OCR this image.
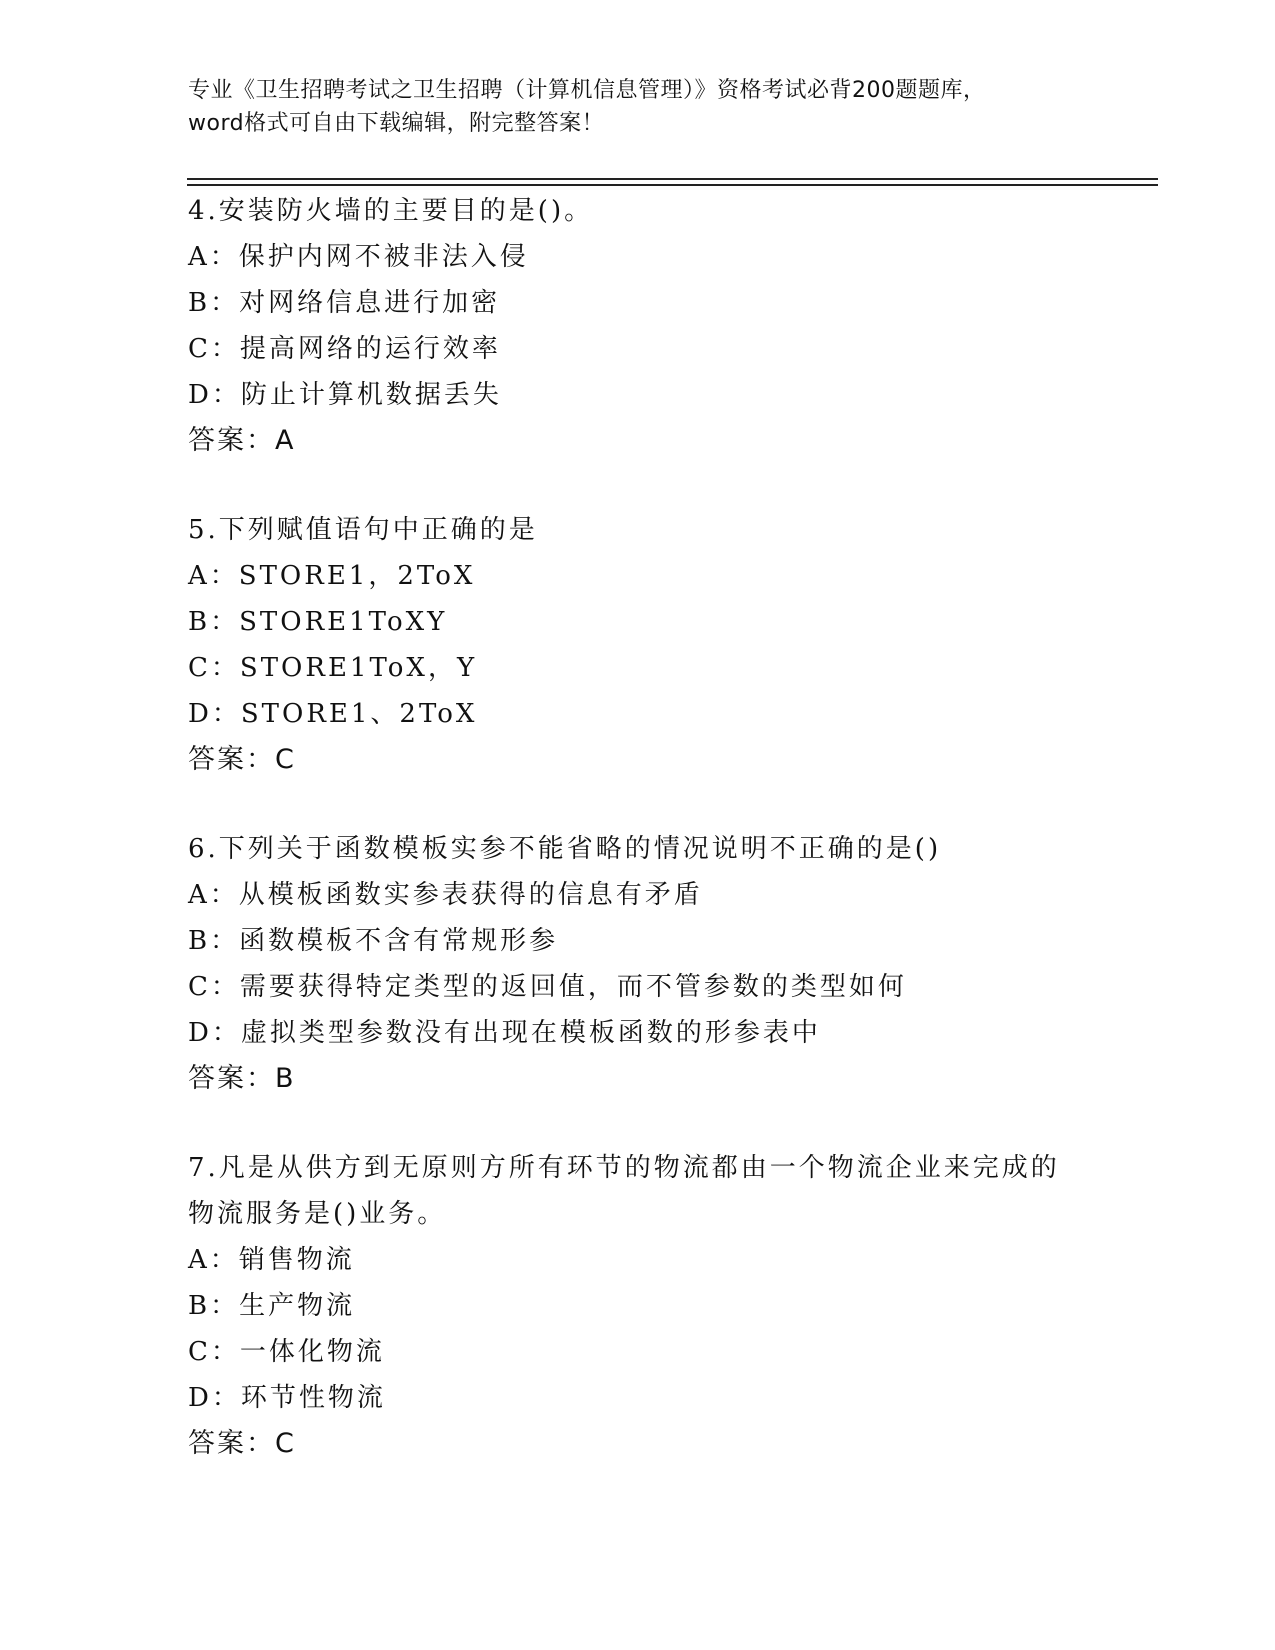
专业《卫生招聘考试之卫生招聘（计算机信息管理）》资格考试必背200题题库，
word格式可自由下载编辑，附完整答案！
4.安装防火墙的主要目的是()。
A：保护内网不被非法入侵
B：对网络信息进行加密
C：提高网络的运行效率
D：防止计算机数据丢失
答案：A
5.下列赋值语句中正确的是
A：STORE1，2ToX
B：STORE1ToXY
C：STORE1ToX，Y
D：STORE1、2ToX
答案：C
6.下列关于函数模板实参不能省略的情况说明不正确的是()
A：从模板函数实参表获得的信息有矛盾
B：函数模板不含有常规形参
C：需要获得特定类型的返回值，而不管参数的类型如何
D：虚拟类型参数没有出现在模板函数的形参表中
答案：B
7.凡是从供方到无原则方所有环节的物流都由一个物流企业来完成的
物流服务是()业务。
A：销售物流
B：生产物流
C：一体化物流
D：环节性物流
答案：C
